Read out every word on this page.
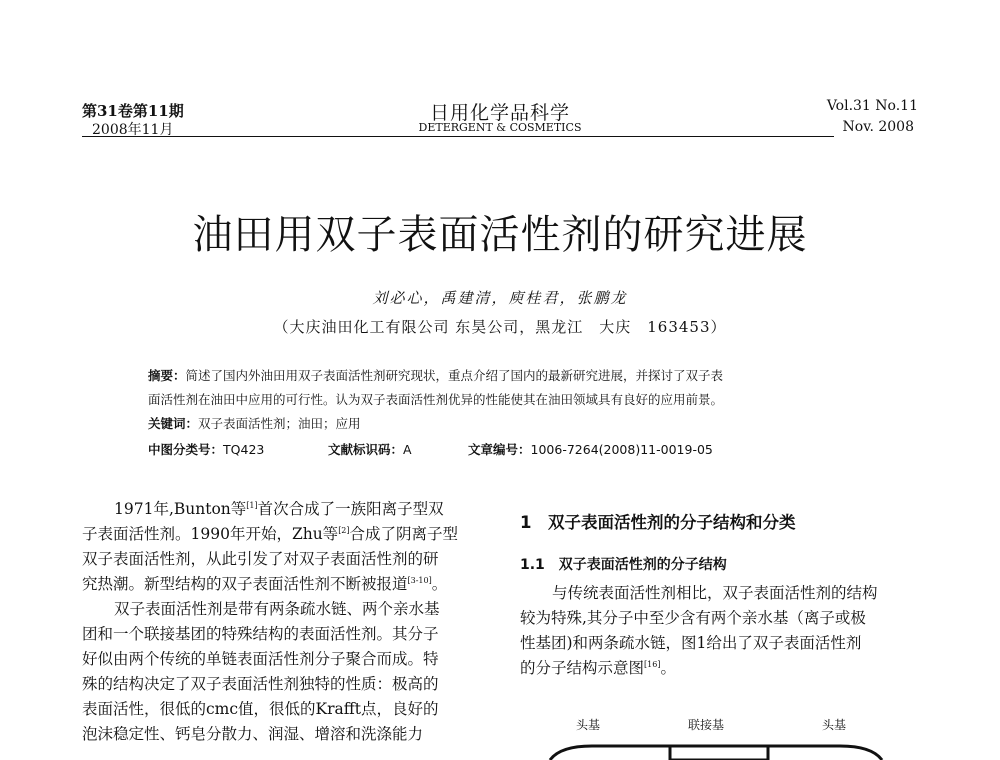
第31卷第11期
2008年11月
日用化学品科学
DETERGENT & COSMETICS
Vol.31 No.11
Nov. 2008
油田用双子表面活性剂的研究进展
刘必心，禹建清，庾桂君，张鹏龙
（大庆油田化工有限公司 东昊公司，黑龙江　大庆　163453）
摘要：简述了国内外油田用双子表面活性剂研究现状，重点介绍了国内的最新研究进展，并探讨了双子表
面活性剂在油田中应用的可行性。认为双子表面活性剂优异的性能使其在油田领域具有良好的应用前景。
关键词：双子表面活性剂；油田；应用
中图分类号：TQ423	文献标识码：A	文章编号：1006-7264(2008)11-0019-05
1971年,Bunton等[1]首次合成了一族阳离子型双
子表面活性剂。1990年开始，Zhu等[2]合成了阴离子型
双子表面活性剂，从此引发了对双子表面活性剂的研
究热潮。新型结构的双子表面活性剂不断被报道[3-10]。
双子表面活性剂是带有两条疏水链、两个亲水基
团和一个联接基团的特殊结构的表面活性剂。其分子
好似由两个传统的单链表面活性剂分子聚合而成。特
殊的结构决定了双子表面活性剂独特的性质：极高的
表面活性，很低的cmc值，很低的Krafft点，良好的
泡沫稳定性、钙皂分散力、润湿、增溶和洗涤能力
1　双子表面活性剂的分子结构和分类
1.1　双子表面活性剂的分子结构
与传统表面活性剂相比，双子表面活性剂的结构
较为特殊,其分子中至少含有两个亲水基（离子或极
性基团)和两条疏水链，图1给出了双子表面活性剂
的分子结构示意图[16]。
头基	联接基	头基
